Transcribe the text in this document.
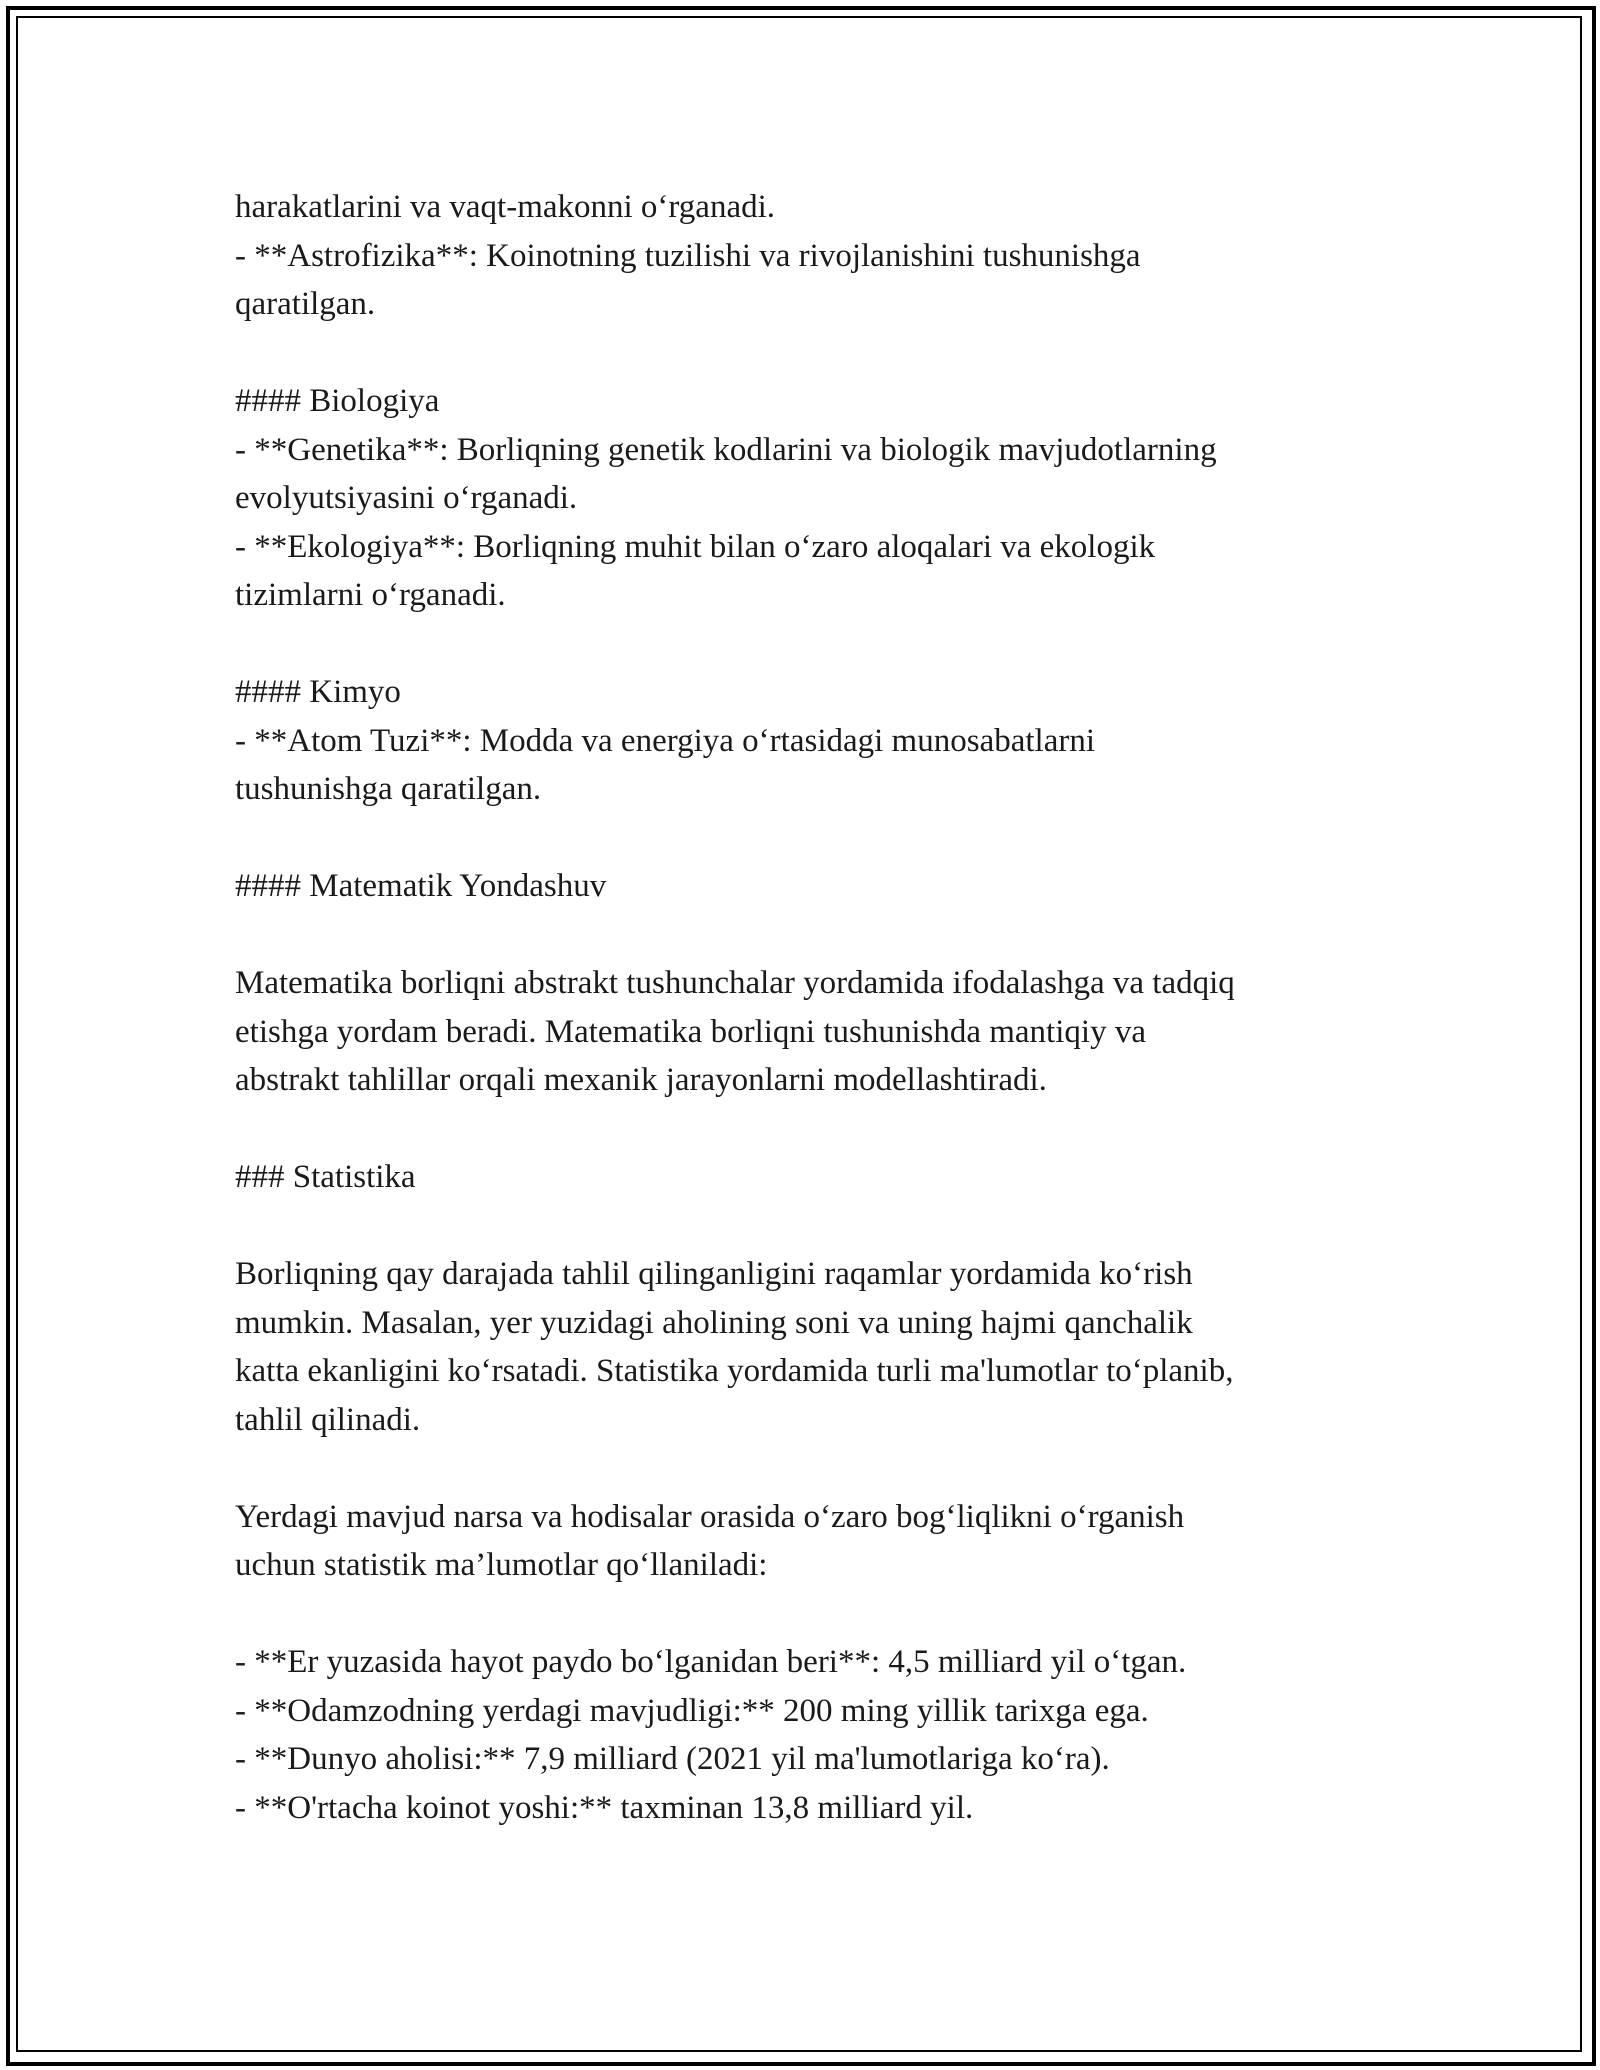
harakatlarini va vaqt-makonni o‘rganadi.
- **Astrofizika**: Koinotning tuzilishi va rivojlanishini tushunishga
qaratilgan.
#### Biologiya
- **Genetika**: Borliqning genetik kodlarini va biologik mavjudotlarning
evolyutsiyasini o‘rganadi.
- **Ekologiya**: Borliqning muhit bilan o‘zaro aloqalari va ekologik
tizimlarni o‘rganadi.
#### Kimyo
- **Atom Tuzi**: Modda va energiya o‘rtasidagi munosabatlarni
tushunishga qaratilgan.
#### Matematik Yondashuv
Matematika borliqni abstrakt tushunchalar yordamida ifodalashga va tadqiq
etishga yordam beradi. Matematika borliqni tushunishda mantiqiy va
abstrakt tahlillar orqali mexanik jarayonlarni modellashtiradi.
### Statistika
Borliqning qay darajada tahlil qilinganligini raqamlar yordamida ko‘rish
mumkin. Masalan, yer yuzidagi aholining soni va uning hajmi qanchalik
katta ekanligini ko‘rsatadi. Statistika yordamida turli ma'lumotlar to‘planib,
tahlil qilinadi.
Yerdagi mavjud narsa va hodisalar orasida o‘zaro bog‘liqlikni o‘rganish
uchun statistik ma’lumotlar qo‘llaniladi:
- **Er yuzasida hayot paydo bo‘lganidan beri**: 4,5 milliard yil o‘tgan.
- **Odamzodning yerdagi mavjudligi:** 200 ming yillik tarixga ega.
- **Dunyo aholisi:** 7,9 milliard (2021 yil ma'lumotlariga ko‘ra).
- **O'rtacha koinot yoshi:** taxminan 13,8 milliard yil.
